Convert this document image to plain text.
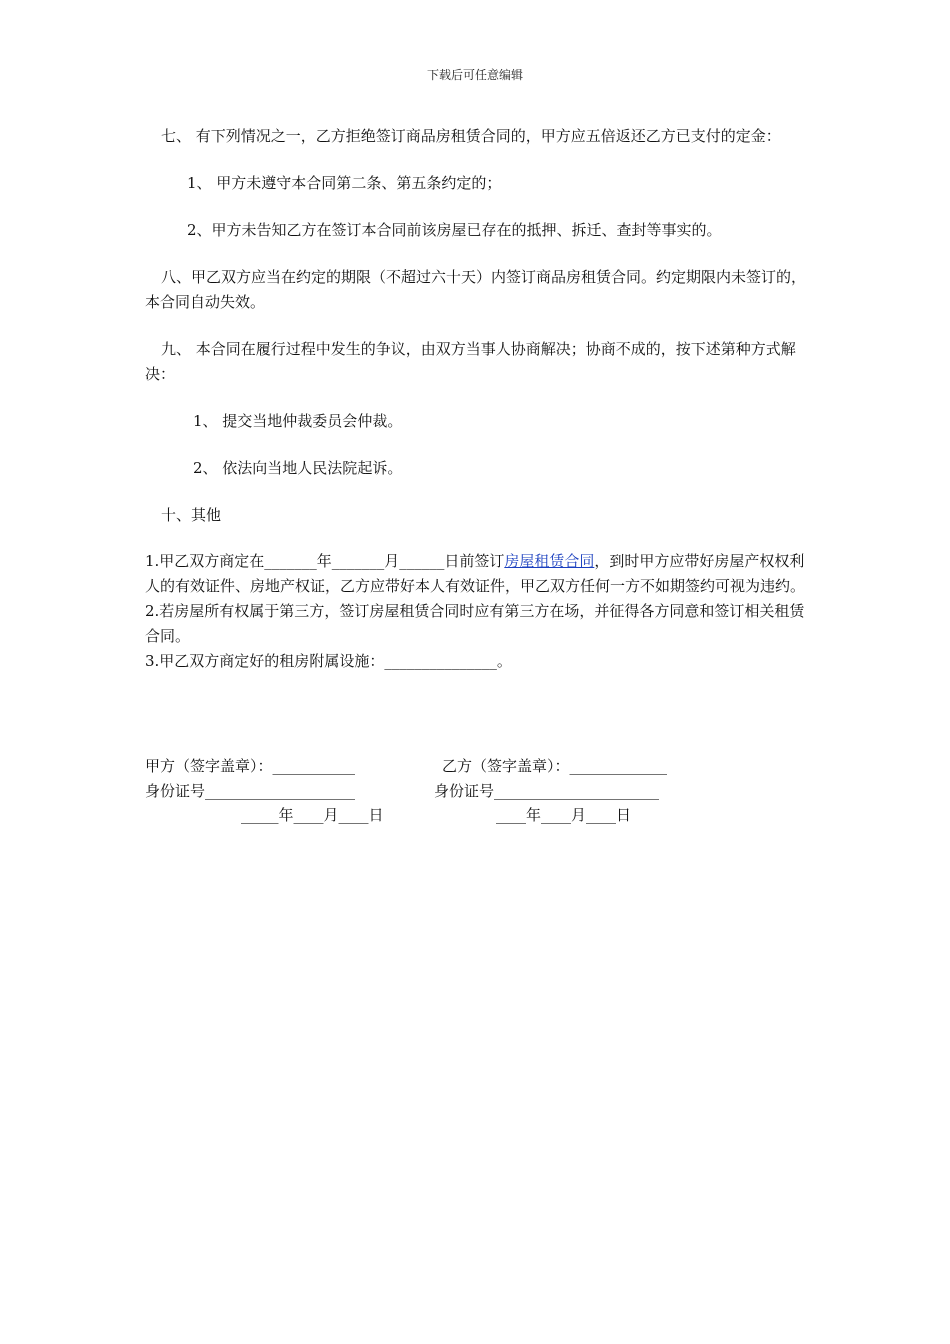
下载后可任意编辑

七、 有下列情况之一，乙方拒绝签订商品房租赁合同的，甲方应五倍返还乙方已支付的定金：

1、 甲方未遵守本合同第二条、第五条约定的；

2、甲方未告知乙方在签订本合同前该房屋已存在的抵押、拆迁、查封等事实的。

八、甲乙双方应当在约定的期限（不超过六十天）内签订商品房租赁合同。约定期限内未签订的，本合同自动失效。

九、 本合同在履行过程中发生的争议，由双方当事人协商解决；协商不成的，按下述第种方式解决：

1、 提交当地仲裁委员会仲裁。

2、 依法向当地人民法院起诉。

十、其他

1.甲乙双方商定在_______年_______月______日前签订房屋租赁合同，到时甲方应带好房屋产权权利人的有效证件、房地产权证，乙方应带好本人有效证件，甲乙双方任何一方不如期签约可视为违约。

2.若房屋所有权属于第三方，签订房屋租赁合同时应有第三方在场，并征得各方同意和签订相关租赁合同。

3.甲乙双方商定好的租房附属设施：_______________。

甲方（签字盖章）：___________	乙方（签字盖章）：_____________
身份证号____________________	身份证号______________________
_____年____月____日	____年____月____日
